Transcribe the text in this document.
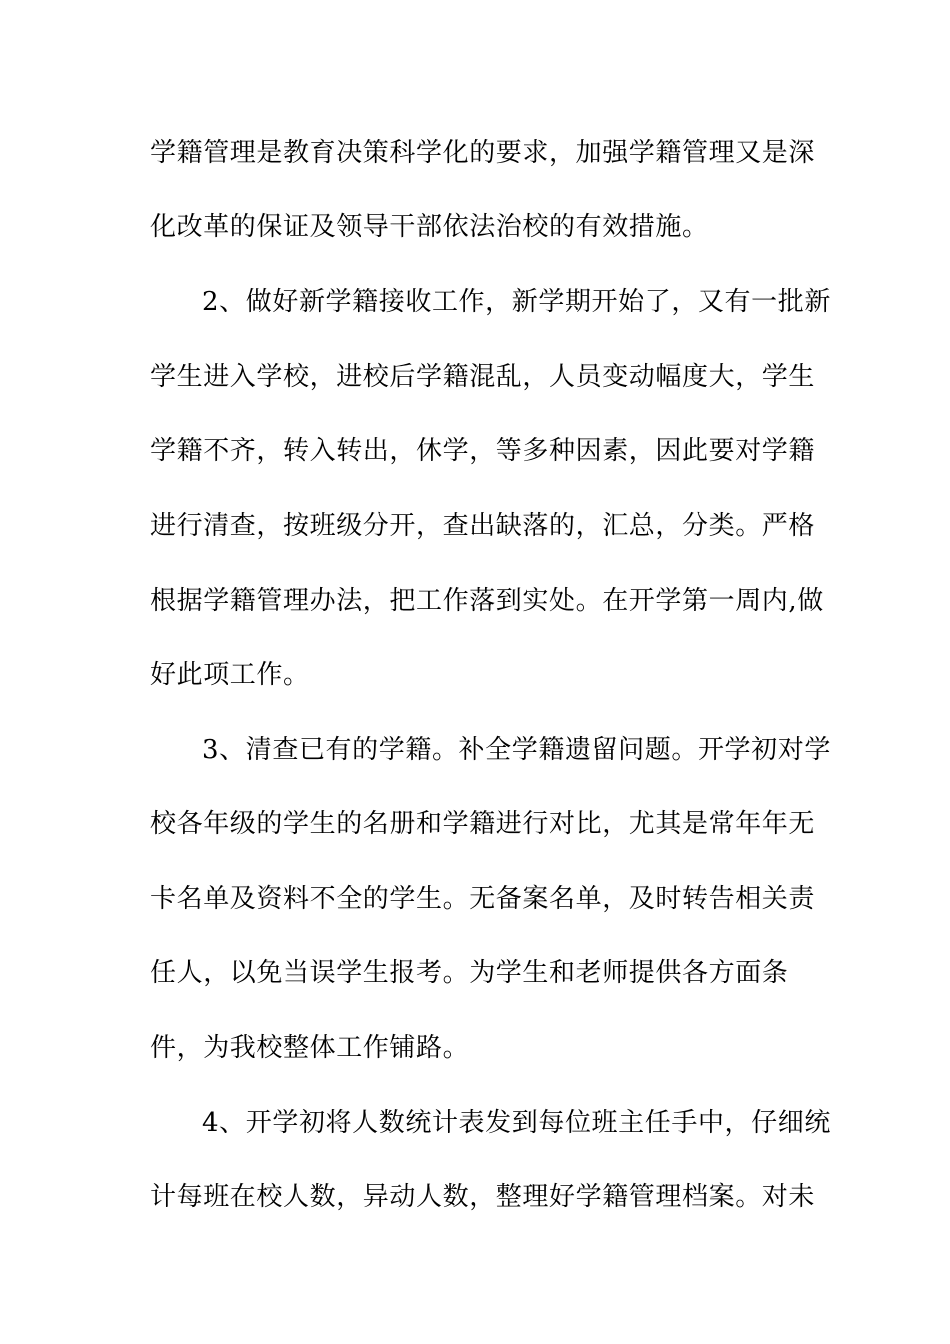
学籍管理是教育决策科学化的要求，加强学籍管理又是深
化改革的保证及领导干部依法治校的有效措施。
2、做好新学籍接收工作，新学期开始了，又有一批新
学生进入学校，进校后学籍混乱，人员变动幅度大，学生
学籍不齐，转入转出，休学，等多种因素，因此要对学籍
进行清查，按班级分开，查出缺落的，汇总，分类。严格
根据学籍管理办法，把工作落到实处。在开学第一周内,做
好此项工作。
3、清查已有的学籍。补全学籍遗留问题。开学初对学
校各年级的学生的名册和学籍进行对比，尤其是常年年无
卡名单及资料不全的学生。无备案名单，及时转告相关责
任人，以免当误学生报考。为学生和老师提供各方面条
件，为我校整体工作铺路。
4、开学初将人数统计表发到每位班主任手中，仔细统
计每班在校人数，异动人数，整理好学籍管理档案。对未
